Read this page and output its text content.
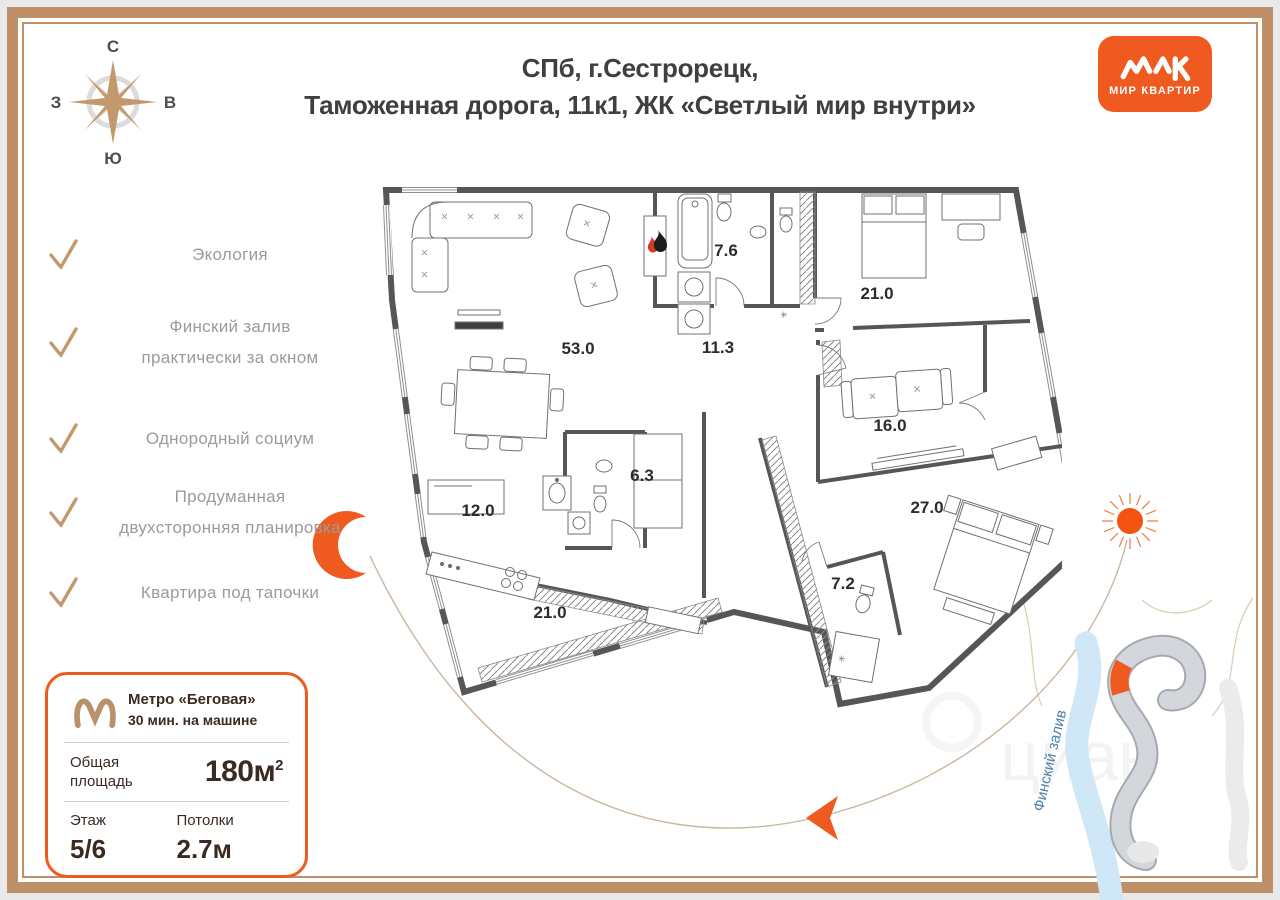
Финский залив
С
Ю
З	В
СПб, г.Сестрорецк,
Таможенная дорога, 11к1, ЖК «Светлый мир внутри»	МИР КВАРТИР
Экология
Финский залив
практически за окном
Однородный социум
Продуманная
двухсторонняя планировка
Квартира под тапочки
Метро «Беговая»
30 мин. на машине
Общая площадь	$180м^2$
Этаж
5/6
Потолки
2.7м
✳
✳
53.0
7.6
11.3
21.0
16.0
6.3
12.0
21.0
27.0
7.2
